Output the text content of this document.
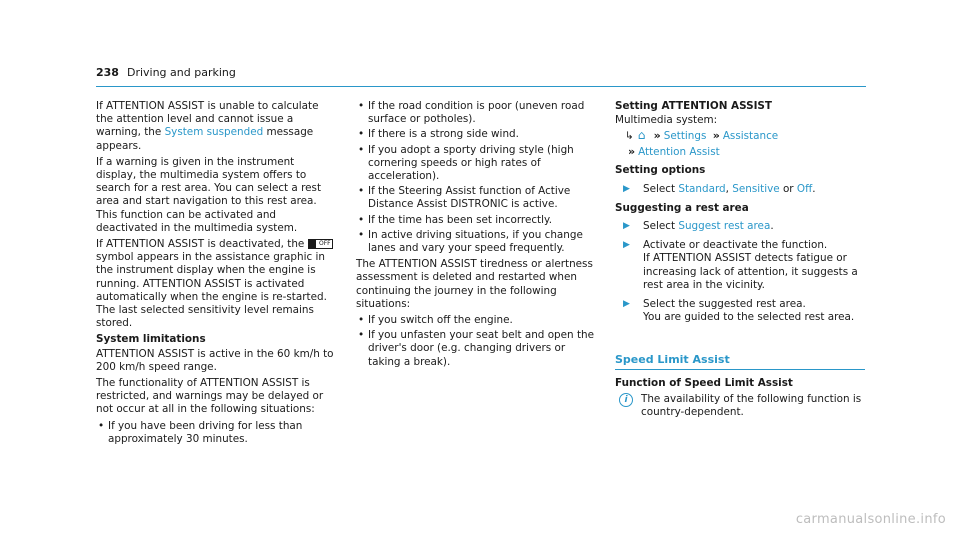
238 Driving and parking

If ATTENTION ASSIST is unable to calculate the attention level and cannot issue a warning, the System suspended message appears.

If a warning is given in the instrument display, the multimedia system offers to search for a rest area. You can select a rest area and start navigation to this rest area. This function can be activated and deactivated in the multimedia system.

If ATTENTION ASSIST is deactivated, the OFF symbol appears in the assistance graphic in the instrument display when the engine is running. ATTENTION ASSIST is activated automatically when the engine is re-started. The last selected sensitivity level remains stored.

System limitations

ATTENTION ASSIST is active in the 60 km/h to 200 km/h speed range.

The functionality of ATTENTION ASSIST is restricted, and warnings may be delayed or not occur at all in the following situations:

• If you have been driving for less than approximately 30 minutes.
• If the road condition is poor (uneven road surface or potholes).
• If there is a strong side wind.
• If you adopt a sporty driving style (high cornering speeds or high rates of acceleration).
• If the Steering Assist function of Active Distance Assist DISTRONIC is active.
• If the time has been set incorrectly.
• In active driving situations, if you change lanes and vary your speed frequently.

The ATTENTION ASSIST tiredness or alertness assessment is deleted and restarted when continuing the journey in the following situations:

• If you switch off the engine.
• If you unfasten your seat belt and open the driver's door (e.g. changing drivers or taking a break).

Setting ATTENTION ASSIST

Multimedia system:

↳ ⌂ » Settings » Assistance
» Attention Assist

Setting options

▶	Select Standard, Sensitive or Off.

Suggesting a rest area

▶	Select Suggest rest area.
▶	Activate or deactivate the function.
If ATTENTION ASSIST detects fatigue or increasing lack of attention, it suggests a rest area in the vicinity.
▶	Select the suggested rest area.
You are guided to the selected rest area.
Speed Limit Assist

Function of Speed Limit Assist

i	The availability of the following function is country-dependent.
carmanualsonline.info
